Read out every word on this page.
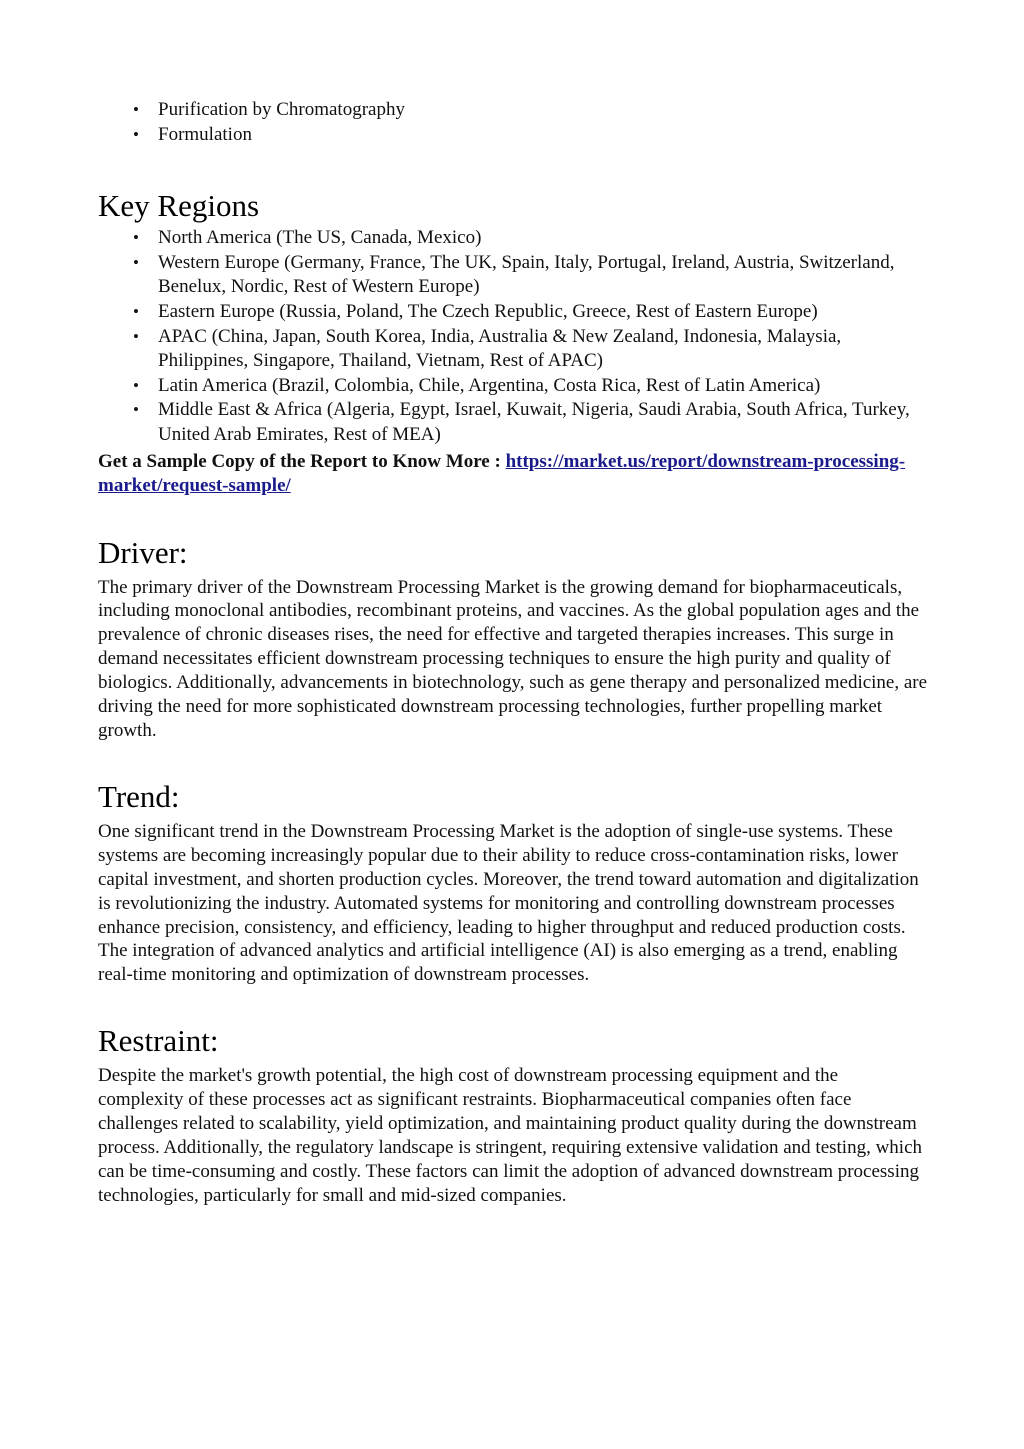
• Purification by Chromatography
• Formulation
Key Regions
• North America (The US, Canada, Mexico)
• Western Europe (Germany, France, The UK, Spain, Italy, Portugal, Ireland, Austria, Switzerland, Benelux, Nordic, Rest of Western Europe)
• Eastern Europe (Russia, Poland, The Czech Republic, Greece, Rest of Eastern Europe)
• APAC (China, Japan, South Korea, India, Australia & New Zealand, Indonesia, Malaysia, Philippines, Singapore, Thailand, Vietnam, Rest of APAC)
• Latin America (Brazil, Colombia, Chile, Argentina, Costa Rica, Rest of Latin America)
• Middle East & Africa (Algeria, Egypt, Israel, Kuwait, Nigeria, Saudi Arabia, South Africa, Turkey, United Arab Emirates, Rest of MEA)
Get a Sample Copy of the Report to Know More : https://market.us/report/downstream-processing-market/request-sample/
Driver:

The primary driver of the Downstream Processing Market is the growing demand for biopharmaceuticals, including monoclonal antibodies, recombinant proteins, and vaccines. As the global population ages and the prevalence of chronic diseases rises, the need for effective and targeted therapies increases. This surge in demand necessitates efficient downstream processing techniques to ensure the high purity and quality of biologics. Additionally, advancements in biotechnology, such as gene therapy and personalized medicine, are driving the need for more sophisticated downstream processing technologies, further propelling market growth.

Trend:

One significant trend in the Downstream Processing Market is the adoption of single-use systems. These systems are becoming increasingly popular due to their ability to reduce cross-contamination risks, lower capital investment, and shorten production cycles. Moreover, the trend toward automation and digitalization is revolutionizing the industry. Automated systems for monitoring and controlling downstream processes enhance precision, consistency, and efficiency, leading to higher throughput and reduced production costs. The integration of advanced analytics and artificial intelligence (AI) is also emerging as a trend, enabling real-time monitoring and optimization of downstream processes.

Restraint:

Despite the market's growth potential, the high cost of downstream processing equipment and the complexity of these processes act as significant restraints. Biopharmaceutical companies often face challenges related to scalability, yield optimization, and maintaining product quality during the downstream process. Additionally, the regulatory landscape is stringent, requiring extensive validation and testing, which can be time-consuming and costly. These factors can limit the adoption of advanced downstream processing technologies, particularly for small and mid-sized companies.
